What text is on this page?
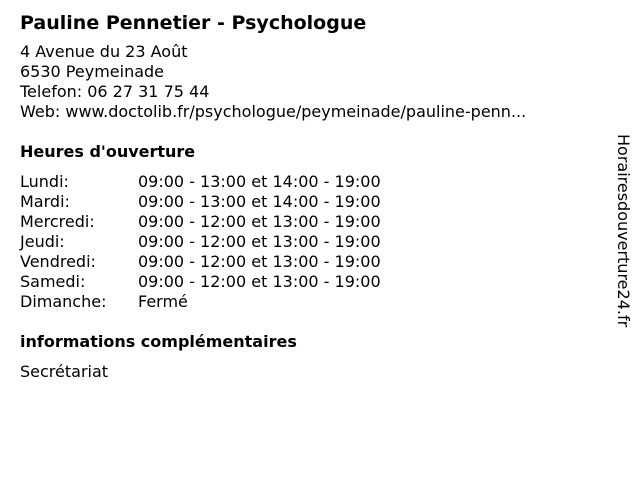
Pauline Pennetier - Psychologue
4 Avenue du 23 Août
6530 Peymeinade
Telefon: 06 27 31 75 44
Web: www.doctolib.fr/psychologue/peymeinade/pauline-penn...
Heures d'ouverture
Lundi:	09:00 - 13:00 et 14:00 - 19:00
Mardi:	09:00 - 13:00 et 14:00 - 19:00
Mercredi:	09:00 - 12:00 et 13:00 - 19:00
Jeudi:	09:00 - 12:00 et 13:00 - 19:00
Vendredi:	09:00 - 12:00 et 13:00 - 19:00
Samedi:	09:00 - 12:00 et 13:00 - 19:00
Dimanche:	Fermé
informations complémentaires
Secrétariat
Horairesdouverture24.fr
